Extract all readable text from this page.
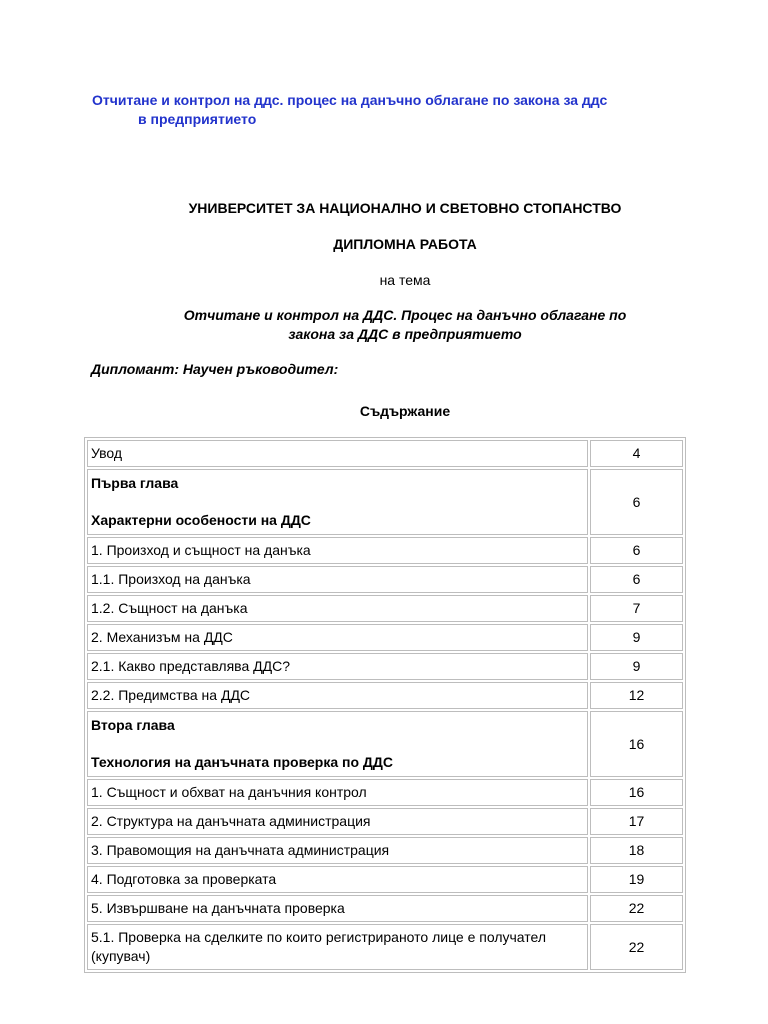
Отчитане и контрол на ддс. процес на данъчно облагане по закона за ддс
в предприятието
УНИВЕРСИТЕТ ЗА НАЦИОНАЛНО И СВЕТОВНО СТОПАНСТВО
ДИПЛОМНА РАБОТА
на тема
Отчитане и контрол на ДДС. Процес на данъчно облагане по
закона за ДДС в предприятието
Дипломант: Научен ръководител:
Съдържание
Увод	4
Първа глава
Характерни особености на ДДС	6
1. Произход и същност на данъка	6
1.1. Произход на данъка	6
1.2. Същност на данъка	7
2. Механизъм на ДДС	9
2.1. Какво представлява ДДС?	9
2.2. Предимства на ДДС	12
Втора глава
Технология на данъчната проверка по ДДС	16
1. Същност и обхват на данъчния контрол	16
2. Структура на данъчната администрация	17
3. Правомощия на данъчната администрация	18
4. Подготовка за проверката	19
5. Извършване на данъчната проверка	22
5.1. Проверка на сделките по които регистрираното лице е получател (купувач)	22
